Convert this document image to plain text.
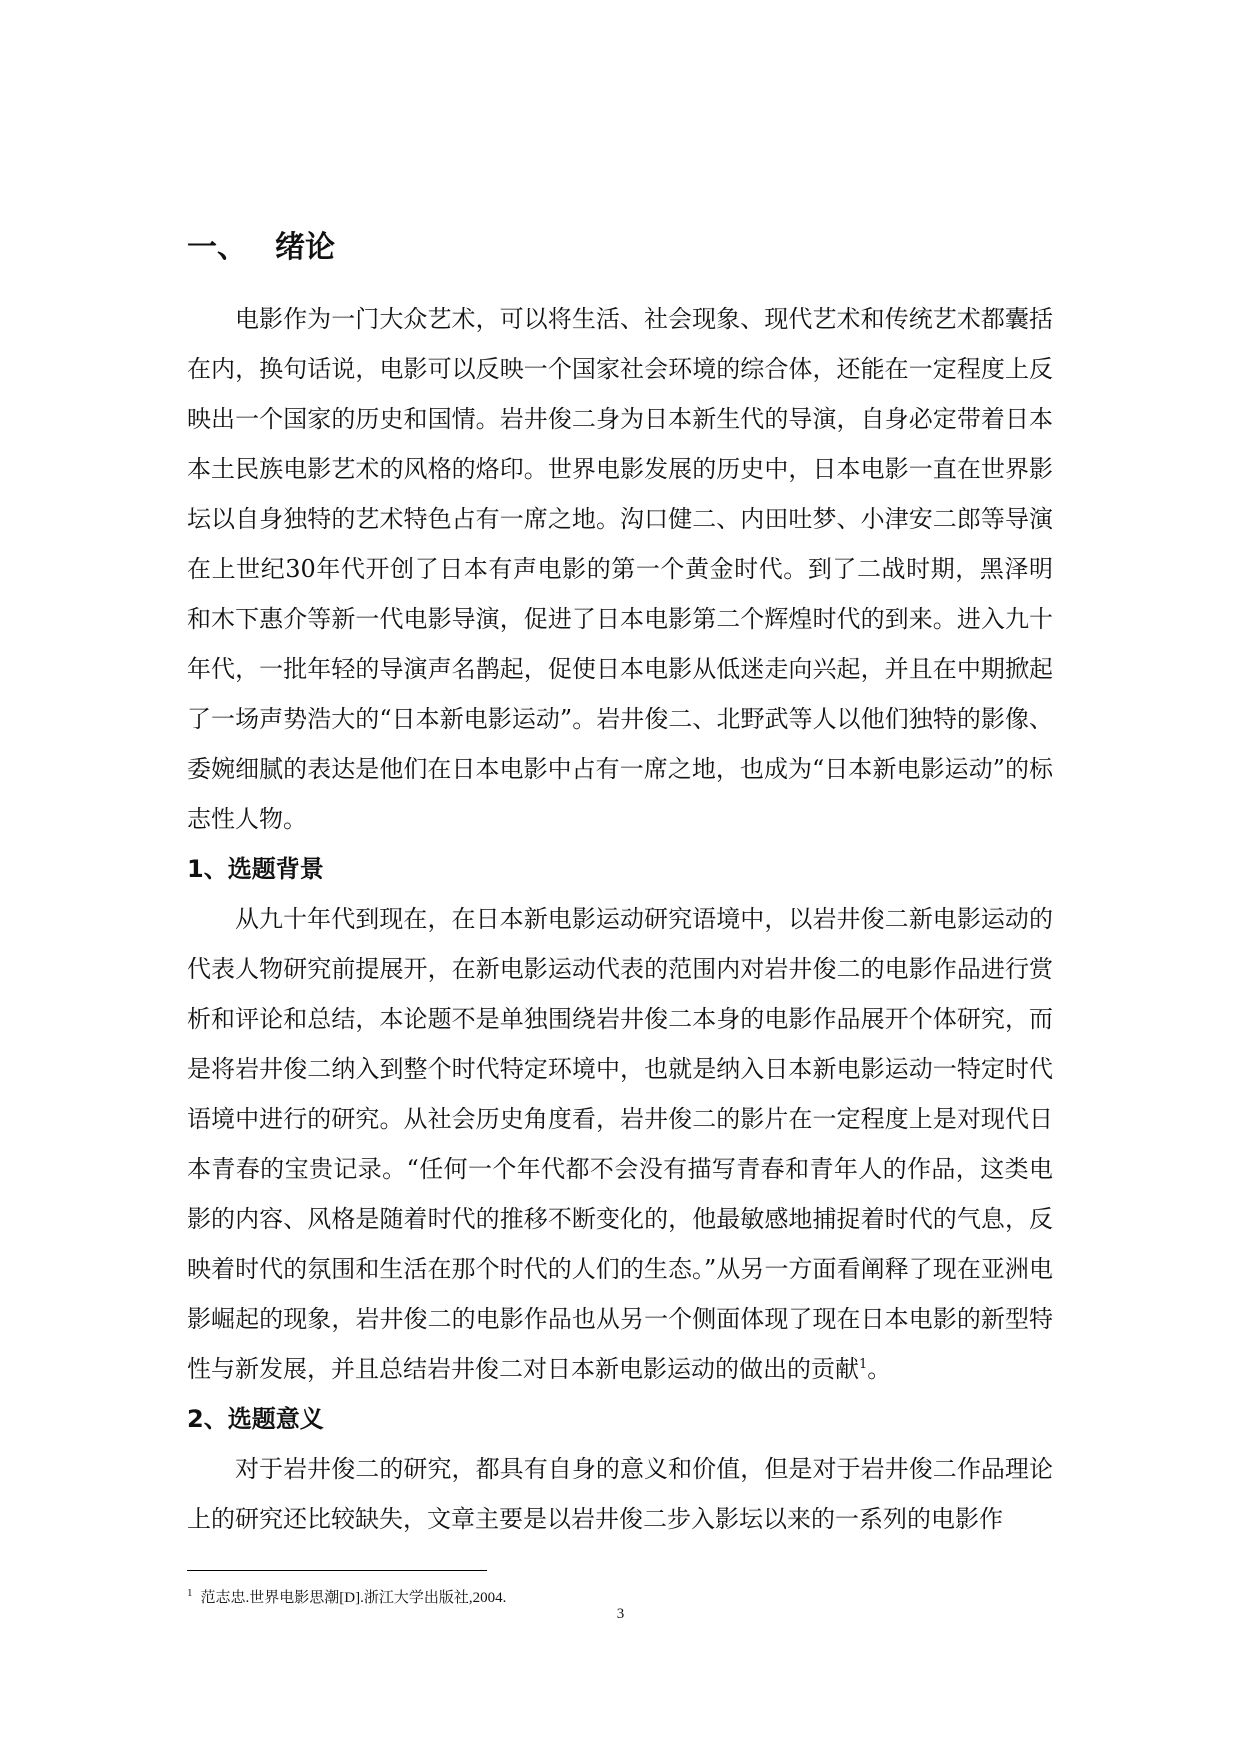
一、 绪论

电影作为一门大众艺术，可以将生活、社会现象、现代艺术和传统艺术都囊括在内，换句话说，电影可以反映一个国家社会环境的综合体，还能在一定程度上反映出一个国家的历史和国情。岩井俊二身为日本新生代的导演，自身必定带着日本本土民族电影艺术的风格的烙印。世界电影发展的历史中，日本电影一直在世界影坛以自身独特的艺术特色占有一席之地。沟口健二、内田吐梦、小津安二郎等导演在上世纪30年代开创了日本有声电影的第一个黄金时代。到了二战时期，黑泽明和木下惠介等新一代电影导演，促进了日本电影第二个辉煌时代的到来。进入九十年代，一批年轻的导演声名鹊起，促使日本电影从低迷走向兴起，并且在中期掀起了一场声势浩大的“日本新电影运动”。岩井俊二、北野武等人以他们独特的影像、委婉细腻的表达是他们在日本电影中占有一席之地，也成为“日本新电影运动”的标志性人物。

1、选题背景

从九十年代到现在，在日本新电影运动研究语境中，以岩井俊二新电影运动的代表人物研究前提展开，在新电影运动代表的范围内对岩井俊二的电影作品进行赏析和评论和总结，本论题不是单独围绕岩井俊二本身的电影作品展开个体研究，而是将岩井俊二纳入到整个时代特定环境中，也就是纳入日本新电影运动一特定时代语境中进行的研究。从社会历史角度看，岩井俊二的影片在一定程度上是对现代日本青春的宝贵记录。“任何一个年代都不会没有描写青春和青年人的作品，这类电影的内容、风格是随着时代的推移不断变化的，他最敏感地捕捉着时代的气息，反映着时代的氛围和生活在那个时代的人们的生态。”从另一方面看阐释了现在亚洲电影崛起的现象，岩井俊二的电影作品也从另一个侧面体现了现在日本电影的新型特性与新发展，并且总结岩井俊二对日本新电影运动的做出的贡献$^1$。

2、选题意义

对于岩井俊二的研究，都具有自身的意义和价值，但是对于岩井俊二作品理论上的研究还比较缺失，文章主要是以岩井俊二步入影坛以来的一系列的电影作

$^1$ 范志忠.世界电影思潮[D].浙江大学出版社,2004.
3
